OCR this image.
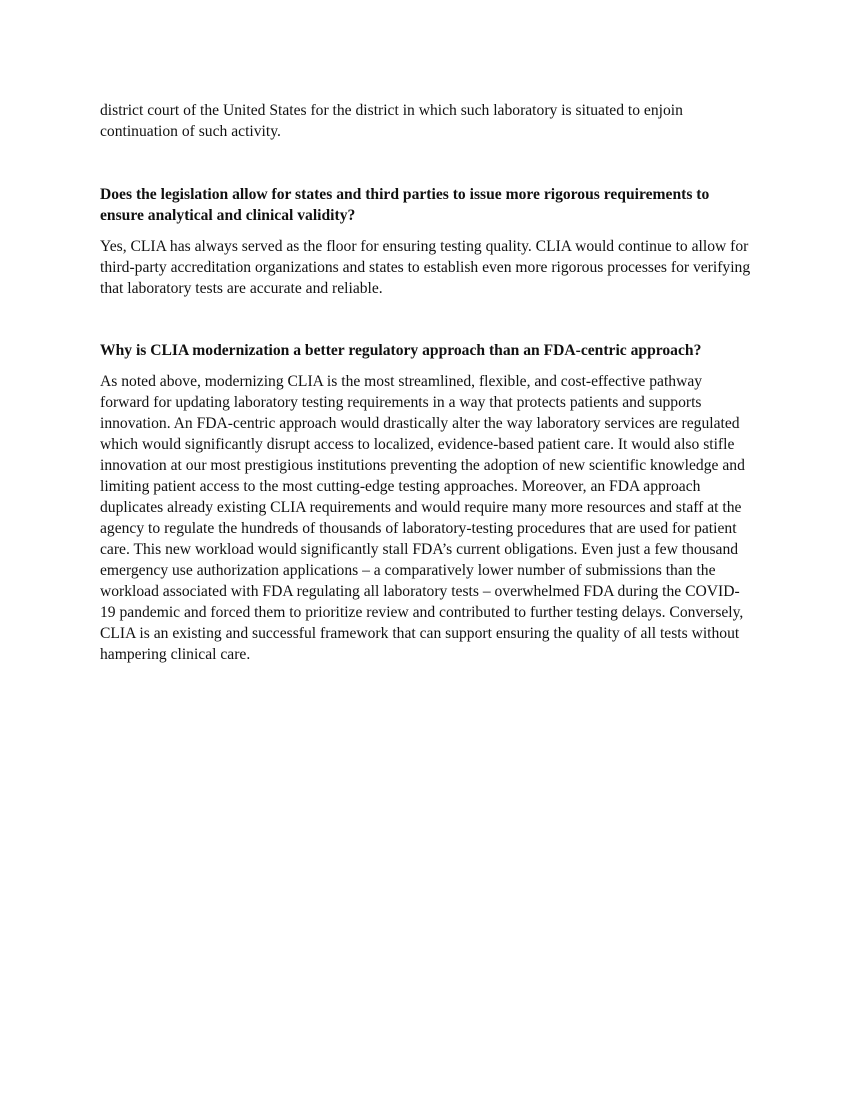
district court of the United States for the district in which such laboratory is situated to enjoin continuation of such activity.

Does the legislation allow for states and third parties to issue more rigorous requirements to ensure analytical and clinical validity?

Yes, CLIA has always served as the floor for ensuring testing quality. CLIA would continue to allow for third-party accreditation organizations and states to establish even more rigorous processes for verifying that laboratory tests are accurate and reliable.

Why is CLIA modernization a better regulatory approach than an FDA-centric approach?

As noted above, modernizing CLIA is the most streamlined, flexible, and cost-effective pathway forward for updating laboratory testing requirements in a way that protects patients and supports innovation. An FDA-centric approach would drastically alter the way laboratory services are regulated which would significantly disrupt access to localized, evidence-based patient care. It would also stifle innovation at our most prestigious institutions preventing the adoption of new scientific knowledge and limiting patient access to the most cutting-edge testing approaches. Moreover, an FDA approach duplicates already existing CLIA requirements and would require many more resources and staff at the agency to regulate the hundreds of thousands of laboratory-testing procedures that are used for patient care. This new workload would significantly stall FDA’s current obligations. Even just a few thousand emergency use authorization applications – a comparatively lower number of submissions than the workload associated with FDA regulating all laboratory tests – overwhelmed FDA during the COVID-19 pandemic and forced them to prioritize review and contributed to further testing delays. Conversely, CLIA is an existing and successful framework that can support ensuring the quality of all tests without hampering clinical care.
